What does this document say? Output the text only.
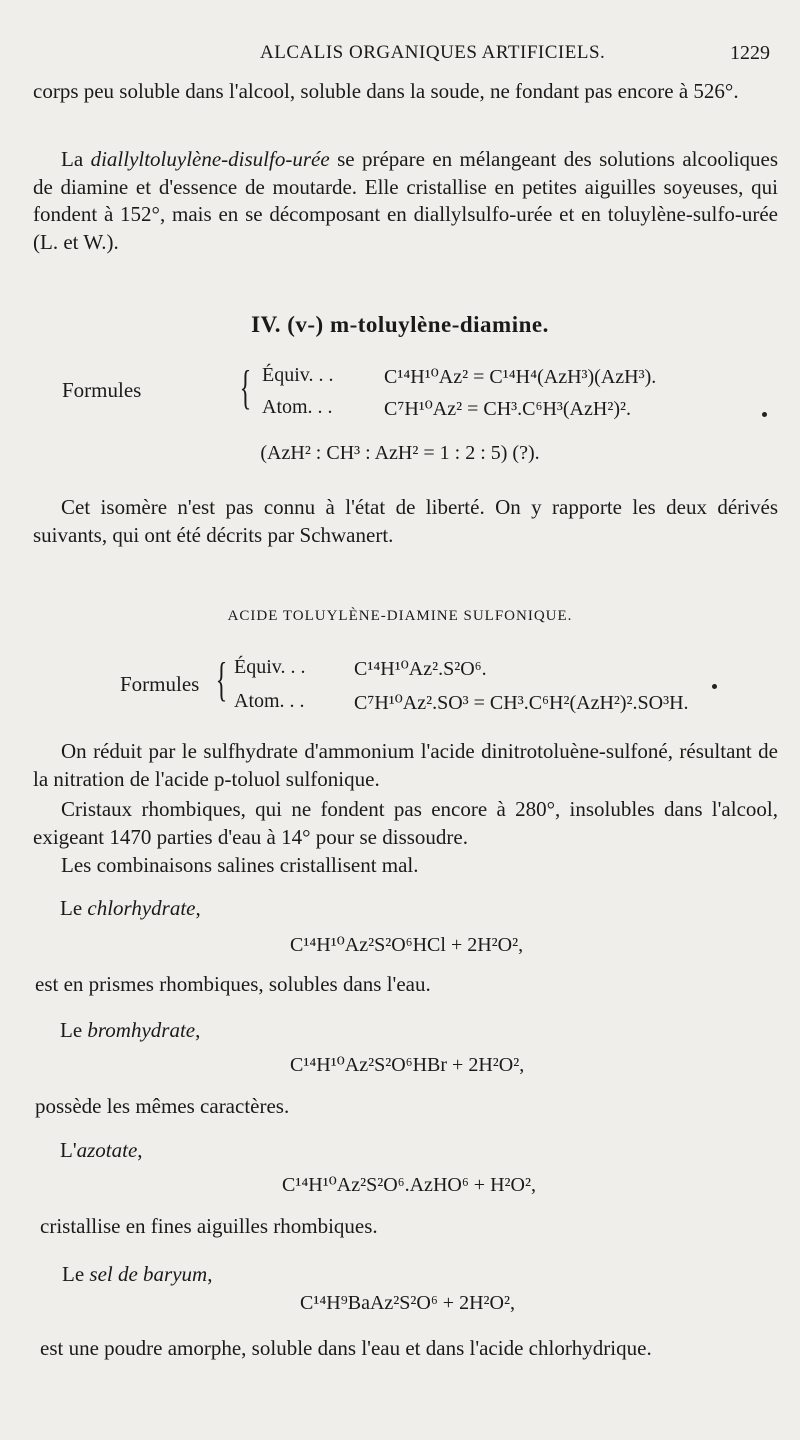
ALCALIS ORGANIQUES ARTIFICIELS.	1229
corps peu soluble dans l'alcool, soluble dans la soude, ne fondant pas encore à 526°.
La diallyltoluylène-disulfo-urée se prépare en mélangeant des solutions alcooliques de diamine et d'essence de moutarde. Elle cristallise en petites aiguilles soyeuses, qui fondent à 152°, mais en se décomposant en diallylsulfo-urée et en toluylène-sulfo-urée (L. et W.).
IV. (v-) m-toluylène-diamine.
Formules { Équiv. . .	C¹⁴H¹⁰Az² = C¹⁴H⁴(AzH³)(AzH³).
Atom. . .	C⁷H¹⁰Az² = CH³.C⁶H³(AzH²)².
(AzH² : CH³ : AzH² = 1 : 2 : 5) (?).
Cet isomère n'est pas connu à l'état de liberté. On y rapporte les deux dérivés suivants, qui ont été décrits par Schwanert.
ACIDE TOLUYLÈNE-DIAMINE SULFONIQUE.
Formules { Équiv. . . C¹⁴H¹⁰Az².S²O⁶.
Atom. . . C⁷H¹⁰Az².SO³ = CH³.C⁶H²(AzH²)².SO³H.
On réduit par le sulfhydrate d'ammonium l'acide dinitrotoluène-sulfoné, résultant de la nitration de l'acide p-toluol sulfonique.
Cristaux rhombiques, qui ne fondent pas encore à 280°, insolubles dans l'alcool, exigeant 1470 parties d'eau à 14° pour se dissoudre.
Les combinaisons salines cristallisent mal.
Le chlorhydrate,
C¹⁴H¹⁰Az²S²O⁶HCl + 2H²O²,
est en prismes rhombiques, solubles dans l'eau.
Le bromhydrate,
C¹⁴H¹⁰Az²S²O⁶HBr + 2H²O²,
possède les mêmes caractères.
L'azotate,
C¹⁴H¹⁰Az²S²O⁶.AzHO⁶ + H²O²,
cristallise en fines aiguilles rhombiques.
Le sel de baryum,
C¹⁴H⁹BaAz²S²O⁶ + 2H²O²,
est une poudre amorphe, soluble dans l'eau et dans l'acide chlorhydrique.
